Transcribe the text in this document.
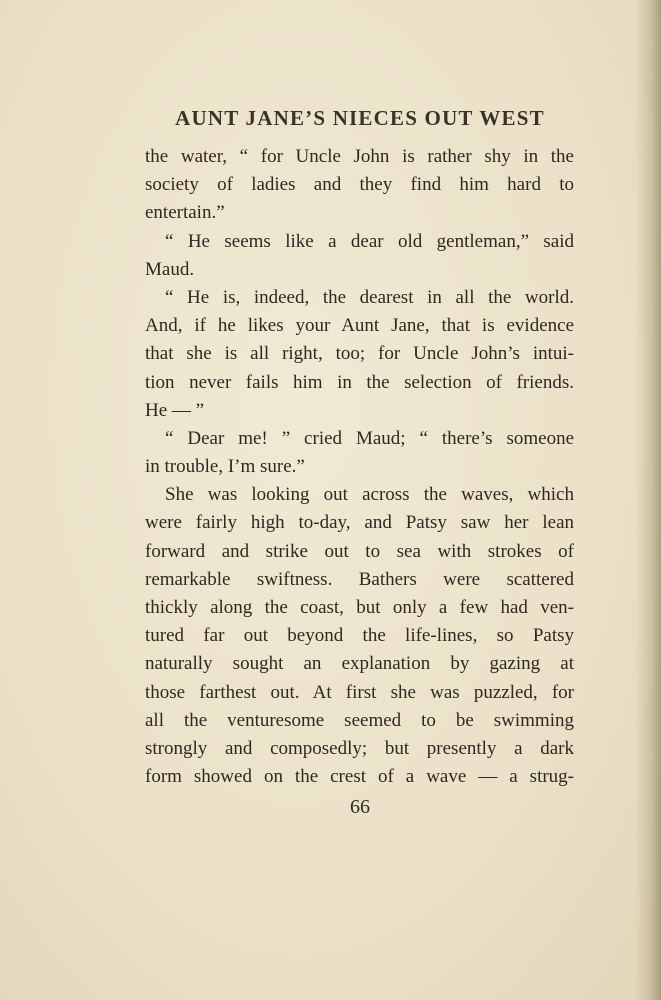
AUNT JANE’S NIECES OUT WEST
the water, “ for Uncle John is rather shy in the
society of ladies and they find him hard to
entertain.”
“ He seems like a dear old gentleman,” said
Maud.
“ He is, indeed, the dearest in all the world.
And, if he likes your Aunt Jane, that is evidence
that she is all right, too; for Uncle John’s intui-
tion never fails him in the selection of friends.
He — ”
“ Dear me! ” cried Maud; “ there’s someone
in trouble, I’m sure.”
She was looking out across the waves, which
were fairly high to-day, and Patsy saw her lean
forward and strike out to sea with strokes of
remarkable swiftness. Bathers were scattered
thickly along the coast, but only a few had ven-
tured far out beyond the life-lines, so Patsy
naturally sought an explanation by gazing at
those farthest out. At first she was puzzled, for
all the venturesome seemed to be swimming
strongly and composedly; but presently a dark
form showed on the crest of a wave — a strug-
66
